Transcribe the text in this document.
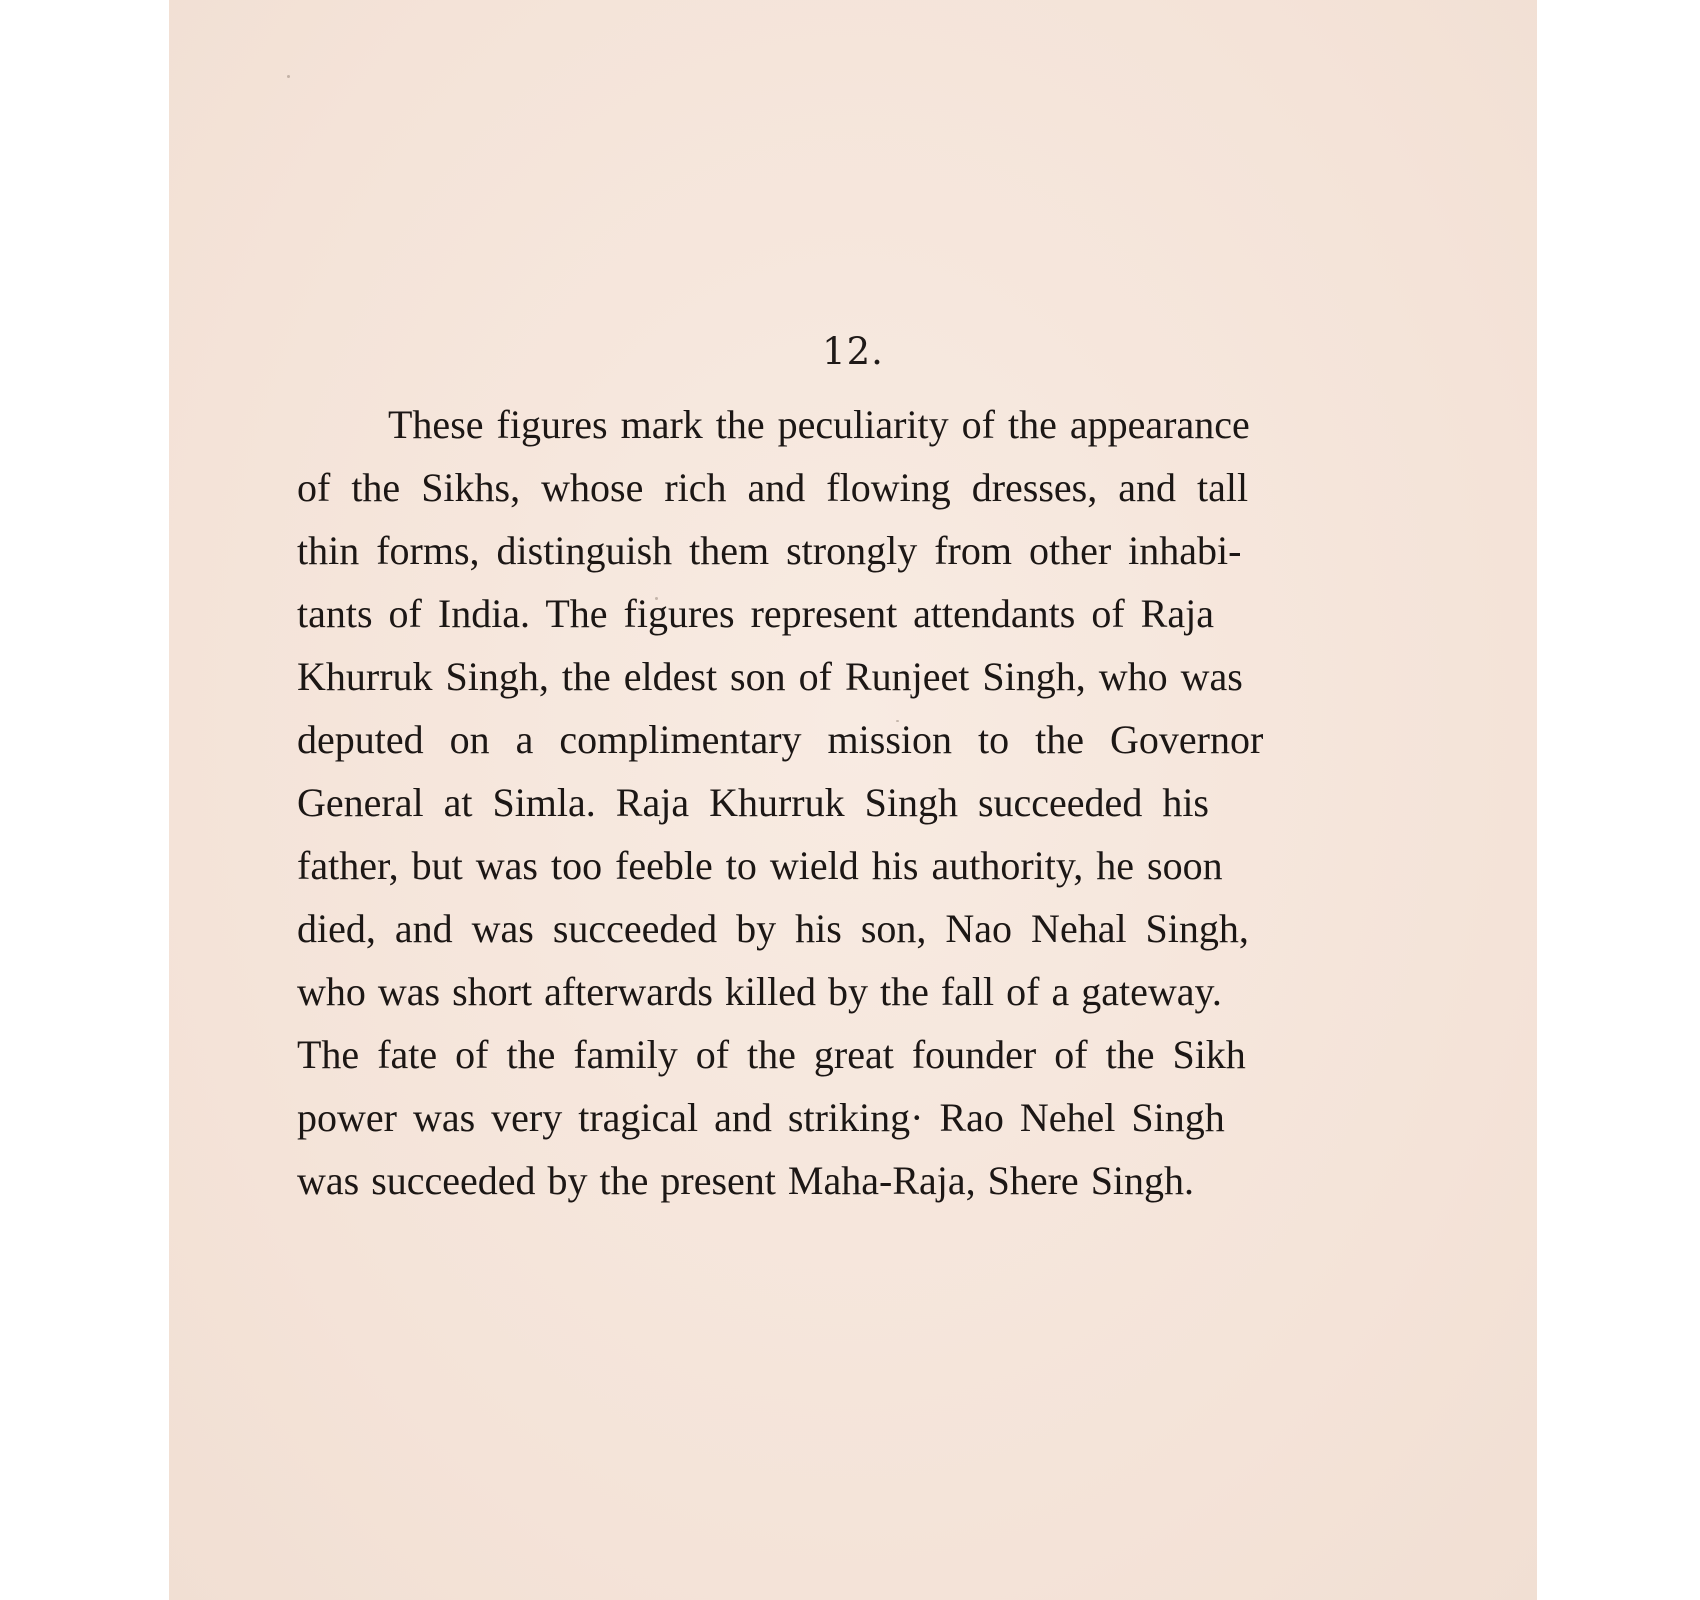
12.
These figures mark the peculiarity of the appearance
of the Sikhs, whose rich and flowing dresses, and tall
thin forms, distinguish them strongly from other inhabi-
tants of India. The figures represent attendants of Raja
Khurruk Singh, the eldest son of Runjeet Singh, who was
deputed on a complimentary mission to the Governor
General at Simla. Raja Khurruk Singh succeeded his
father, but was too feeble to wield his authority, he soon
died, and was succeeded by his son, Nao Nehal Singh,
who was short afterwards killed by the fall of a gateway.
The fate of the family of the great founder of the Sikh
power was very tragical and striking· Rao Nehel Singh
was succeeded by the present Maha-Raja, Shere Singh.
